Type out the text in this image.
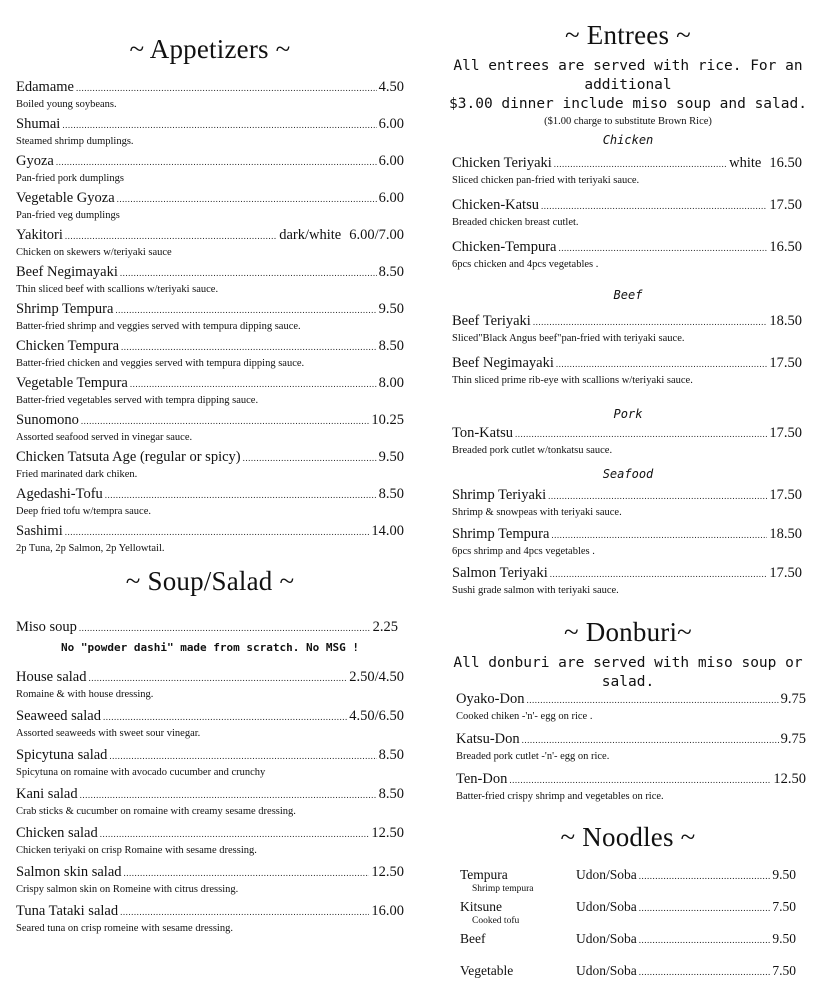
~ Appetizers ~
Edamame .....	4.50
Boiled young soybeans.
Shumai .....	6.00
Steamed shrimp dumplings.
Gyoza .....	6.00
Pan-fried pork dumplings
Vegetable Gyoza .....	6.00
Pan-fried veg dumplings
Yakitori .....	dark/white 6.00/7.00
Chicken on skewers w/teriyaki sauce
Beef Negimayaki .....	8.50
Thin sliced beef with scallions w/teriyaki sauce.
Shrimp Tempura .....	9.50
Batter-fried shrimp and veggies served with tempura dipping sauce.
Chicken Tempura .....	8.50
Batter-fried chicken and veggies served with tempura dipping sauce.
Vegetable Tempura .....	8.00
Batter-fried vegetables served with tempra dipping sauce.
Sunomono .....	10.25
Assorted seafood served in vinegar sauce.
Chicken Tatsuta Age (regular or spicy) .....	9.50
Fried marinated dark chiken.
Agedashi-Tofu .....	8.50
Deep fried tofu w/tempra sauce.
Sashimi .....	14.00
2p Tuna, 2p Salmon, 2p Yellowtail.
~ Soup/Salad ~
Miso soup .....	2.25
No "powder dashi" made from scratch. No MSG !
House salad .....	2.50/4.50
Romaine & with house dressing.
Seaweed salad .....	4.50/6.50
Assorted seaweeds with sweet sour vinegar.
Spicytuna salad .....	8.50
Spicytuna on romaine with avocado cucumber and crunchy
Kani salad .....	8.50
Crab sticks & cucumber on romaine with creamy sesame dressing.
Chicken salad .....	12.50
Chicken teriyaki on crisp Romaine with sesame dressing.
Salmon skin salad .....	12.50
Crispy salmon skin on Romeine with citrus dressing.
Tuna Tataki salad .....	16.00
Seared tuna on crisp romeine with sesame dressing.
~ Entrees ~
All entrees are served with rice. For an additional
$3.00 dinner include miso soup and salad.
($1.00 charge to substitute Brown Rice)
Chicken
Chicken Teriyaki .....	white 16.50
Sliced chicken pan-fried with teriyaki sauce.
Chicken-Katsu .....	17.50
Breaded chicken breast cutlet.
Chicken-Tempura .....	16.50
6pcs chicken and 4pcs vegetables .
Beef
Beef Teriyaki .....	18.50
Sliced"Black Angus beef"pan-fried with teriyaki sauce.
Beef Negimayaki .....	17.50
Thin sliced prime rib-eye with scallions w/teriyaki sauce.
Pork
Ton-Katsu .....	17.50
Breaded pork cutlet w/tonkatsu sauce.
Seafood
Shrimp Teriyaki .....	17.50
Shrimp & snowpeas with teriyaki sauce.
Shrimp Tempura .....	18.50
6pcs shrimp and 4pcs vegetables .
Salmon Teriyaki .....	17.50
Sushi grade salmon with teriyaki sauce.
~ Donburi~
All donburi are served with miso soup or salad.
Oyako-Don .....	9.75
Cooked chiken -'n'- egg on rice .
Katsu-Don .....	9.75
Breaded pork cutlet -'n'- egg on rice.
Ten-Don .....	12.50
Batter-fried crispy shrimp and vegetables on rice.
~ Noodles ~
Tempura	Udon/Soba .....	9.50
Shrimp tempura
Kitsune	Udon/Soba .....	7.50
Cooked tofu
Beef	Udon/Soba .....	9.50
Vegetable	Udon/Soba .....	7.50
